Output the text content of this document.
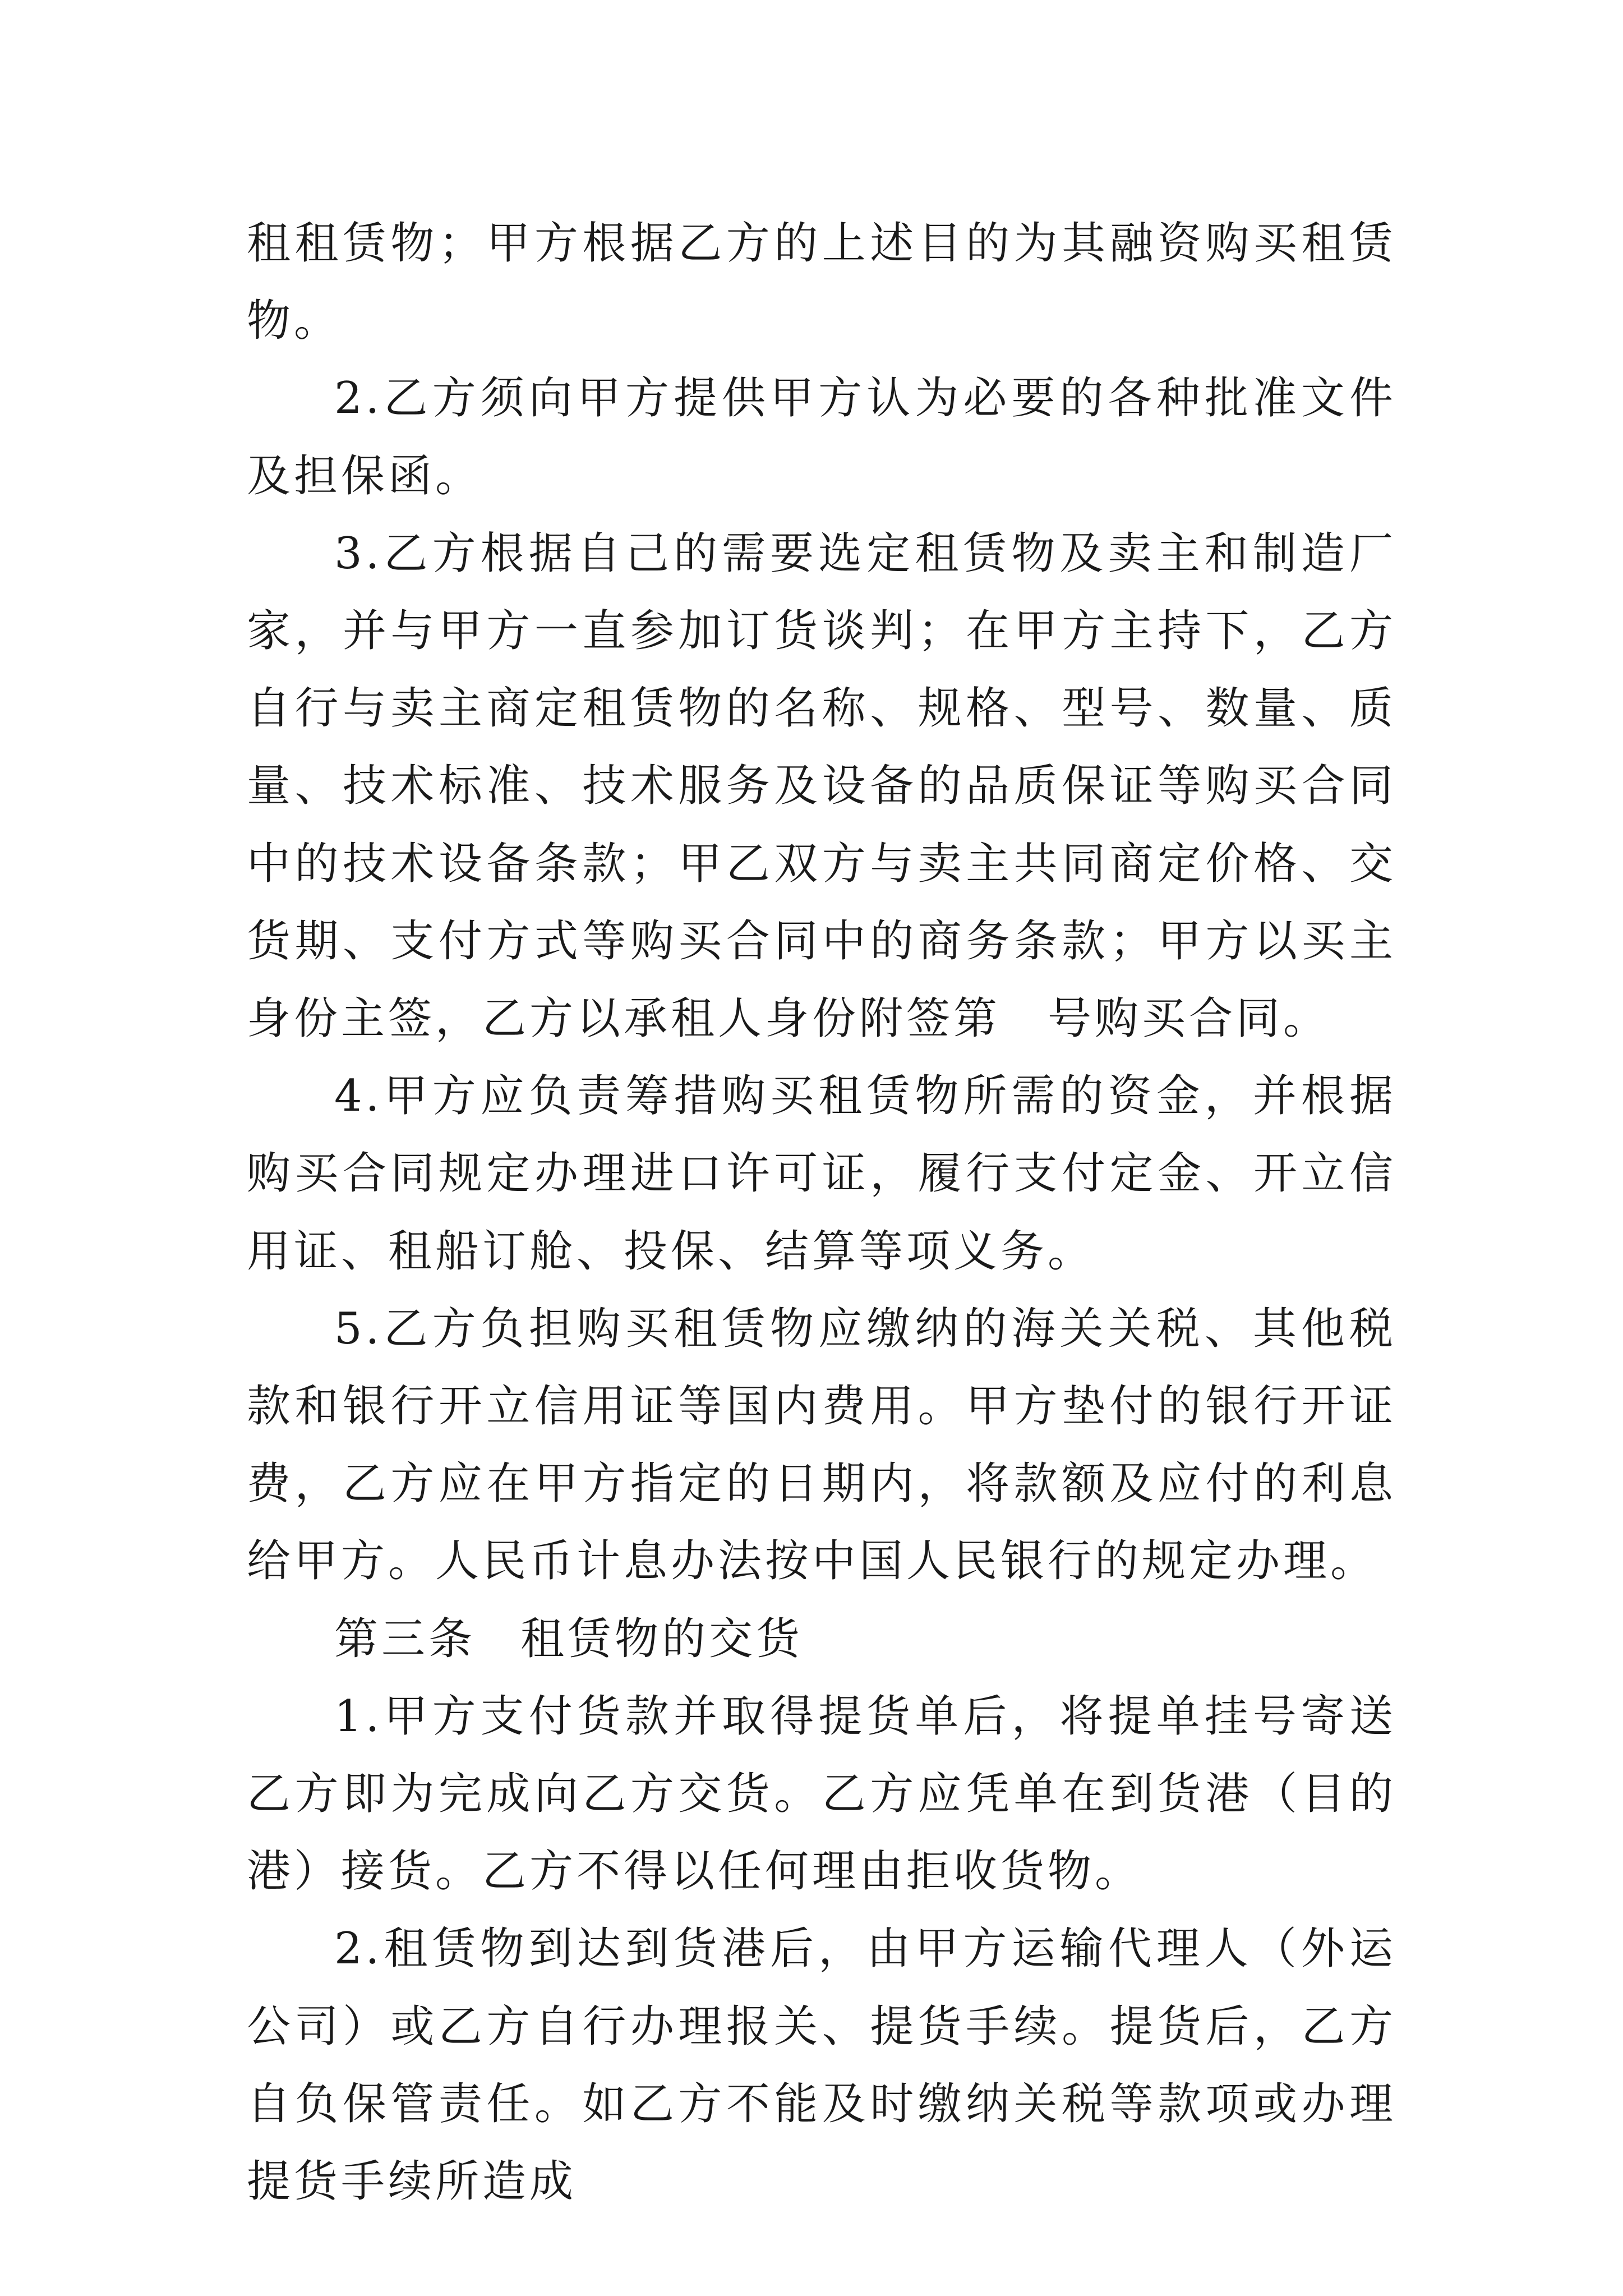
租租赁物；甲方根据乙方的上述目的为其融资购买租赁物。

2.乙方须向甲方提供甲方认为必要的各种批准文件及担保函。

3.乙方根据自己的需要选定租赁物及卖主和制造厂家，并与甲方一直参加订货谈判；在甲方主持下，乙方自行与卖主商定租赁物的名称、规格、型号、数量、质量、技术标准、技术服务及设备的品质保证等购买合同中的技术设备条款；甲乙双方与卖主共同商定价格、交货期、支付方式等购买合同中的商务条款；甲方以买主身份主签，乙方以承租人身份附签第　号购买合同。

4.甲方应负责筹措购买租赁物所需的资金，并根据购买合同规定办理进口许可证，履行支付定金、开立信用证、租船订舱、投保、结算等项义务。

5.乙方负担购买租赁物应缴纳的海关关税、其他税款和银行开立信用证等国内费用。甲方垫付的银行开证费，乙方应在甲方指定的日期内，将款额及应付的利息给甲方。人民币计息办法按中国人民银行的规定办理。

第三条 租赁物的交货

1.甲方支付货款并取得提货单后，将提单挂号寄送乙方即为完成向乙方交货。乙方应凭单在到货港（目的港）接货。乙方不得以任何理由拒收货物。

2.租赁物到达到货港后，由甲方运输代理人（外运公司）或乙方自行办理报关、提货手续。提货后，乙方自负保管责任。如乙方不能及时缴纳关税等款项或办理提货手续所造成
